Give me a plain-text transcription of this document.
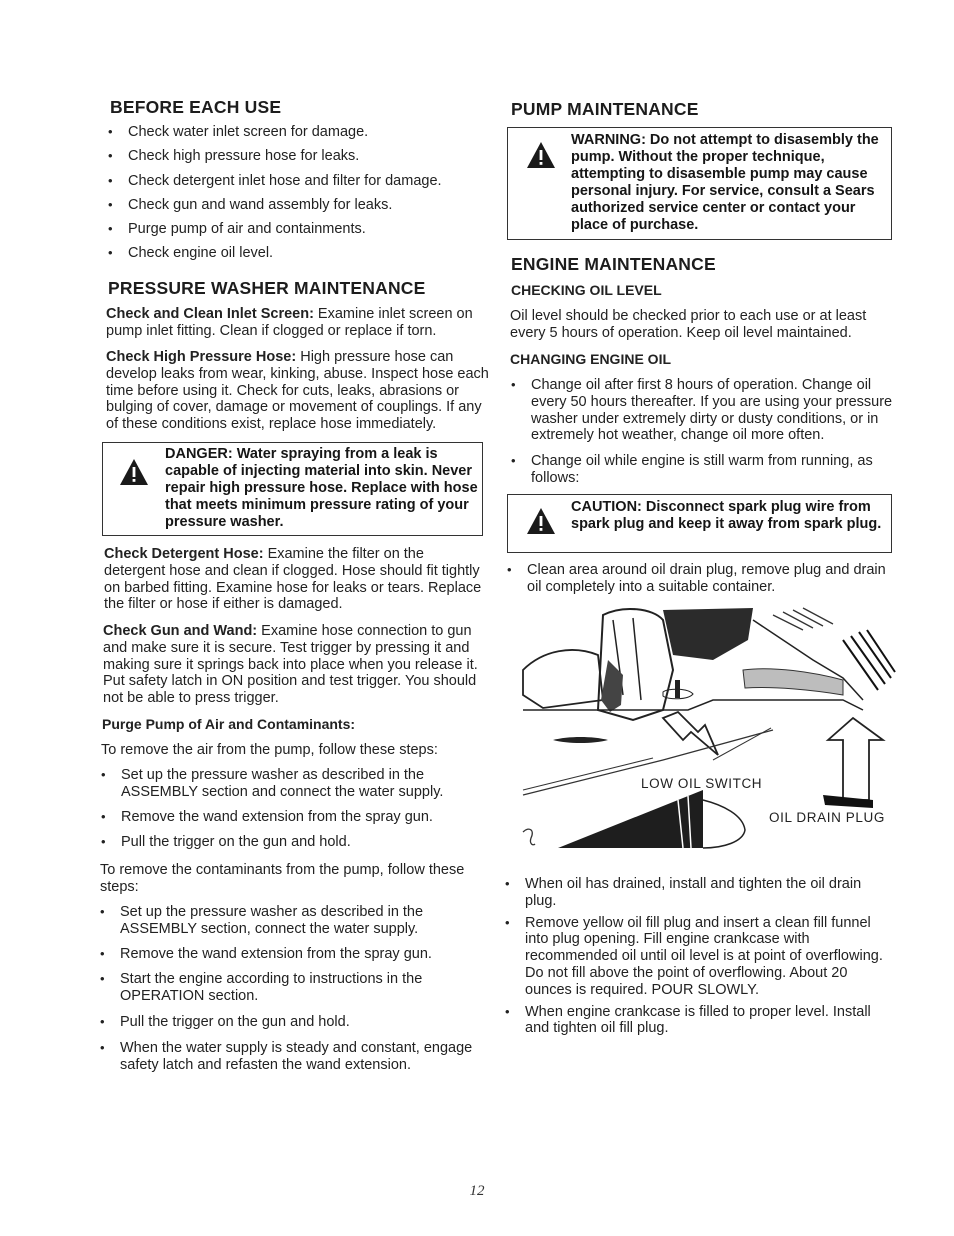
BEFORE EACH USE
• Check water inlet screen for damage.
• Check high pressure hose for leaks.
• Check detergent inlet hose and filter for damage.
• Check gun and wand assembly for leaks.
• Purge pump of air and containments.
• Check engine oil level.
PRESSURE WASHER MAINTENANCE

Check and Clean Inlet Screen: Examine inlet screen on pump inlet fitting. Clean if clogged or replace if torn.

Check High Pressure Hose: High pressure hose can develop leaks from wear, kinking, abuse. Inspect hose each time before using it. Check for cuts, leaks, abrasions or bulging of cover, damage or movement of couplings. If any of these conditions exist, replace hose immediately.

DANGER: Water spraying from a leak is capable of injecting material into skin. Never repair high pressure hose. Replace with hose that meets minimum pressure rating of your pressure washer.

Check Detergent Hose: Examine the filter on the detergent hose and clean if clogged. Hose should fit tightly on barbed fitting. Examine hose for leaks or tears. Replace the filter or hose if either is damaged.

Check Gun and Wand: Examine hose connection to gun and make sure it is secure. Test trigger by pressing it and making sure it springs back into place when you release it. Put safety latch in ON position and test trigger. You should not be able to press trigger.

Purge Pump of Air and Contaminants:

To remove the air from the pump, follow these steps:

• Set up the pressure washer as described in the ASSEMBLY section and connect the water supply.
• Remove the wand extension from the spray gun.
• Pull the trigger on the gun and hold.

To remove the contaminants from the pump, follow these steps:

• Set up the pressure washer as described in the ASSEMBLY section, connect the water supply.
• Remove the wand extension from the spray gun.
• Start the engine according to instructions in the OPERATION section.
• Pull the trigger on the gun and hold.
• When the water supply is steady and constant, engage safety latch and refasten the wand extension.
PUMP MAINTENANCE
WARNING: Do not attempt to disasembly the pump. Without the proper technique, attempting to disasemble pump may cause personal injury. For service, consult a Sears authorized service center or contact your place of purchase.
ENGINE MAINTENANCE
CHECKING OIL LEVEL

Oil level should be checked prior to each use or at least every 5 hours of operation. Keep oil level maintained.

CHANGING ENGINE OIL
• Change oil after first 8 hours of operation. Change oil every 50 hours thereafter. If you are using your pressure washer under extremely dirty or dusty conditions, or in extremely hot weather, change oil more often.
• Change oil while engine is still warm from running, as follows:
CAUTION: Disconnect spark plug wire from spark plug and keep it away from spark plug.
• Clean area around oil drain plug, remove plug and drain oil completely into a suitable container.
LOW OIL SWITCH
OIL DRAIN PLUG
• When oil has drained, install and tighten the oil drain plug.
• Remove yellow oil fill plug and insert a clean fill funnel into plug opening. Fill engine crankcase with recommended oil until oil level is at point of overflowing. Do not fill above the point of overflowing. About 20 ounces is required. POUR SLOWLY.
• When engine crankcase is filled to proper level. Install and tighten oil fill plug.
12
